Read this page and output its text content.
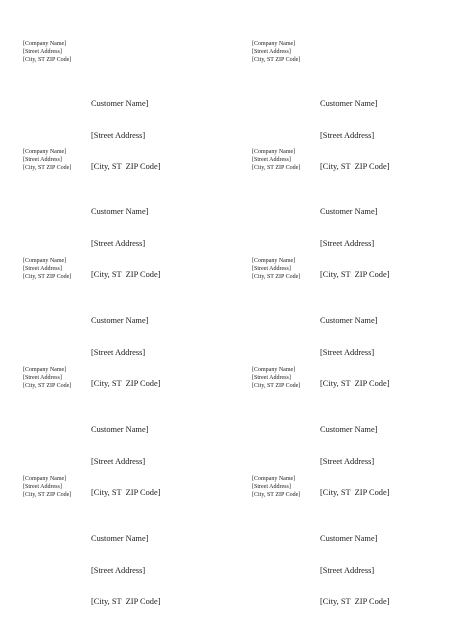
[Company Name]
[Street Address]
[City, ST ZIP Code]

Customer Name]

[Street Address]

[City, ST  ZIP Code]

[Company Name]
[Street Address]
[City, ST ZIP Code]

Customer Name]

[Street Address]

[City, ST  ZIP Code]

[Company Name]
[Street Address]
[City, ST ZIP Code]

Customer Name]

[Street Address]

[City, ST  ZIP Code]

[Company Name]
[Street Address]
[City, ST ZIP Code]

Customer Name]

[Street Address]

[City, ST  ZIP Code]

[Company Name]
[Street Address]
[City, ST ZIP Code]

Customer Name]

[Street Address]

[City, ST  ZIP Code]

[Company Name]
[Street Address]
[City, ST ZIP Code]

Customer Name]

[Street Address]

[City, ST  ZIP Code]

[Company Name]
[Street Address]
[City, ST ZIP Code]

Customer Name]

[Street Address]

[City, ST  ZIP Code]

[Company Name]
[Street Address]
[City, ST ZIP Code]

Customer Name]

[Street Address]

[City, ST  ZIP Code]

[Company Name]
[Street Address]
[City, ST ZIP Code]

Customer Name]

[Street Address]

[City, ST  ZIP Code]

[Company Name]
[Street Address]
[City, ST ZIP Code]

Customer Name]

[Street Address]

[City, ST  ZIP Code]
